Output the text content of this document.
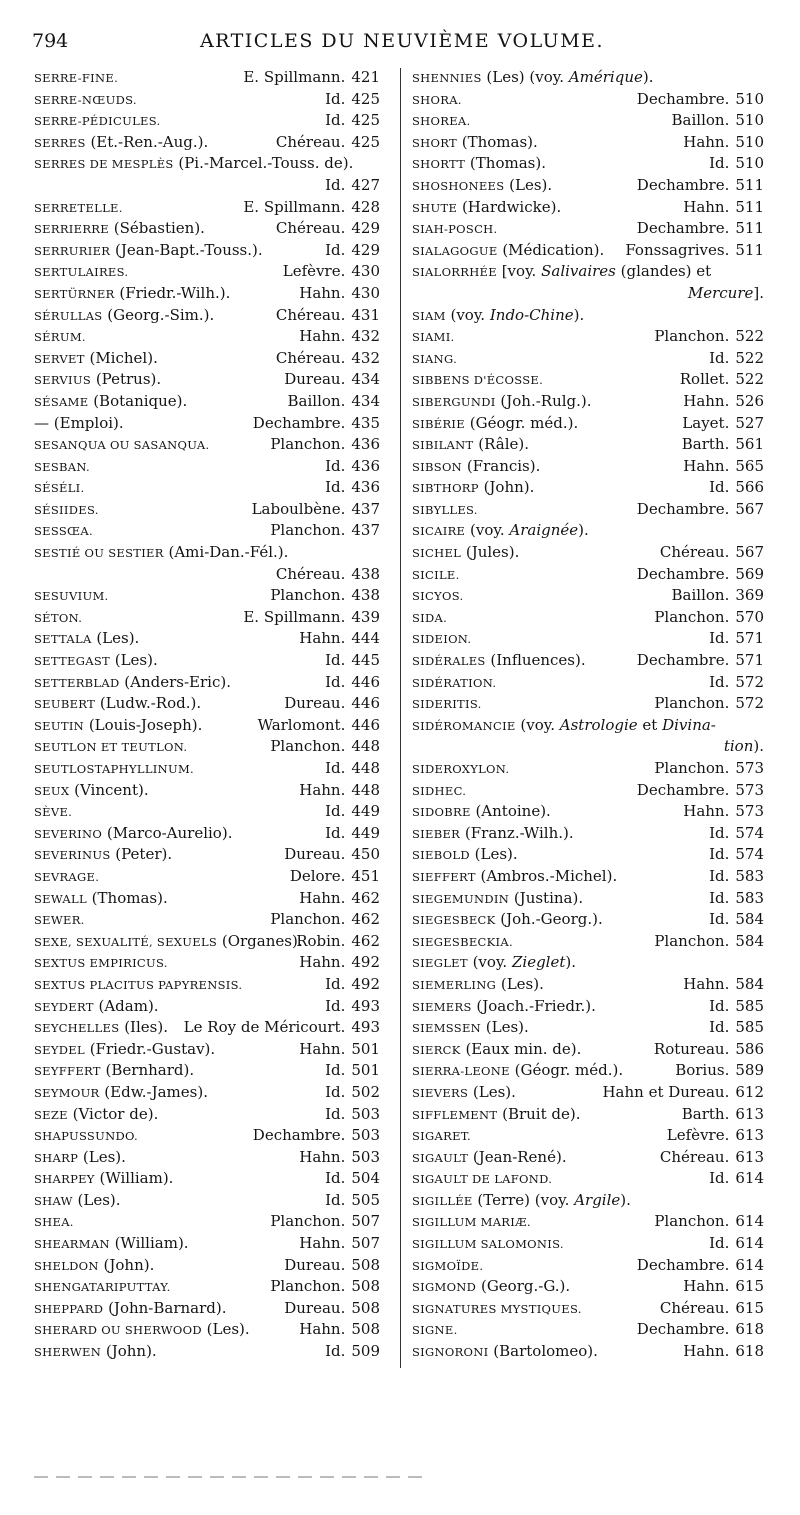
794	ARTICLES DU NEUVIÈME VOLUME.
SERRE-FINE.	E. Spillmann. 421
SERRE-NŒUDS.	Id. 425
SERRE-PÉDICULES.	Id. 425
SERRES (Et.-Ren.-Aug.).	Chéreau. 425
SERRES DE MESPLÈS (Pi.-Marcel.-Touss. de).
Id. 427
SERRETELLE.	E. Spillmann. 428
SERRIERRE (Sébastien).	Chéreau. 429
SERRURIER (Jean-Bapt.-Touss.).	Id. 429
SERTULAIRES.	Lefèvre. 430
SERTÜRNER (Friedr.-Wilh.).	Hahn. 430
SÉRULLAS (Georg.-Sim.).	Chéreau. 431
SÉRUM.	Hahn. 432
SERVET (Michel).	Chéreau. 432
SERVIUS (Petrus).	Dureau. 434
SÉSAME (Botanique).	Baillon. 434
— (Emploi).	Dechambre. 435
SESANQUA OU SASANQUA.	Planchon. 436
SESBAN.	Id. 436
SÉSÉLI.	Id. 436
SÉSIIDES.	Laboulbène. 437
SESSŒA.	Planchon. 437
SESTIÉ OU SESTIER (Ami-Dan.-Fél.).
Chéreau. 438
SESUVIUM.	Planchon. 438
SÉTON.	E. Spillmann. 439
SETTALA (Les).	Hahn. 444
SETTEGAST (Les).	Id. 445
SETTERBLAD (Anders-Eric).	Id. 446
SEUBERT (Ludw.-Rod.).	Dureau. 446
SEUTIN (Louis-Joseph).	Warlomont. 446
SEUTLON ET TEUTLON.	Planchon. 448
SEUTLOSTAPHYLLINUM.	Id. 448
SEUX (Vincent).	Hahn. 448
SÈVE.	Id. 449
SEVERINO (Marco-Aurelio).	Id. 449
SEVERINUS (Peter).	Dureau. 450
SEVRAGE.	Delore. 451
SEWALL (Thomas).	Hahn. 462
SEWER.	Planchon. 462
SEXE, SEXUALITÉ, SEXUELS (Organes).
Robin. 462
SEXTUS EMPIRICUS.	Hahn. 492
SEXTUS PLACITUS PAPYRENSIS.	Id. 492
SEYDERT (Adam).	Id. 493
SEYCHELLES (Iles). Le Roy de Méricourt. 493
SEYDEL (Friedr.-Gustav).	Hahn. 501
SEYFFERT (Bernhard).	Id. 501
SEYMOUR (Edw.-James).	Id. 502
SEZE (Victor de).	Id. 503
SHAPUSSUNDO.	Dechambre. 503
SHARP (Les).	Hahn. 503
SHARPEY (William).	Id. 504
SHAW (Les).	Id. 505
SHEA.	Planchon. 507
SHEARMAN (William).	Hahn. 507
SHELDON (John).	Dureau. 508
SHENGATARIPUTTAY.	Planchon. 508
SHEPPARD (John-Barnard).	Dureau. 508
SHERARD OU SHERWOOD (Les).	Hahn. 508
SHERWEN (John).	Id. 509
SHENNIES (Les) (voy. Amérique).
SHORA.	Dechambre. 510
SHOREA.	Baillon. 510
SHORT (Thomas).	Hahn. 510
SHORTT (Thomas).	Id. 510
SHOSHONEES (Les).	Dechambre. 511
SHUTE (Hardwicke).	Hahn. 511
SIAH-POSCH.	Dechambre. 511
SIALAGOGUE (Médication). Fonssagrives. 511
SIALORRHÉE [voy. Salivaires (glandes) et
Mercure].
SIAM (voy. Indo-Chine).
SIAMI.	Planchon. 522
SIANG.	Id. 522
SIBBENS D'ÉCOSSE.	Rollet. 522
SIBERGUNDI (Joh.-Rulg.).	Hahn. 526
SIBÉRIE (Géogr. méd.).	Layet. 527
SIBILANT (Râle).	Barth. 561
SIBSON (Francis).	Hahn. 565
SIBTHORP (John).	Id. 566
SIBYLLES.	Dechambre. 567
SICAIRE (voy. Araignée).
SICHEL (Jules).	Chéreau. 567
SICILE.	Dechambre. 569
SICYOS.	Baillon. 369
SIDA.	Planchon. 570
SIDEION.	Id. 571
SIDÉRALES (Influences).	Dechambre. 571
SIDÉRATION.	Id. 572
SIDERITIS.	Planchon. 572
SIDÉROMANCIE (voy. Astrologie et Divina-
tion).
SIDEROXYLON.	Planchon. 573
SIDHEC.	Dechambre. 573
SIDOBRE (Antoine).	Hahn. 573
SIEBER (Franz.-Wilh.).	Id. 574
SIEBOLD (Les).	Id. 574
SIEFFERT (Ambros.-Michel).	Id. 583
SIEGEMUNDIN (Justina).	Id. 583
SIEGESBECK (Joh.-Georg.).	Id. 584
SIEGESBECKIA.	Planchon. 584
SIEGLET (voy. Zieglet).
SIEMERLING (Les).	Hahn. 584
SIEMERS (Joach.-Friedr.).	Id. 585
SIEMSSEN (Les).	Id. 585
SIERCK (Eaux min. de).	Rotureau. 586
SIERRA-LEONE (Géogr. méd.).	Borius. 589
SIEVERS (Les).	Hahn et Dureau. 612
SIFFLEMENT (Bruit de).	Barth. 613
SIGARET.	Lefèvre. 613
SIGAULT (Jean-René).	Chéreau. 613
SIGAULT DE LAFOND.	Id. 614
SIGILLÉE (Terre) (voy. Argile).
SIGILLUM MARIÆ.	Planchon. 614
SIGILLUM SALOMONIS.	Id. 614
SIGMOÏDE.	Dechambre. 614
SIGMOND (Georg.-G.).	Hahn. 615
SIGNATURES MYSTIQUES.	Chéreau. 615
SIGNE.	Dechambre. 618
SIGNORONI (Bartolomeo).	Hahn. 618
